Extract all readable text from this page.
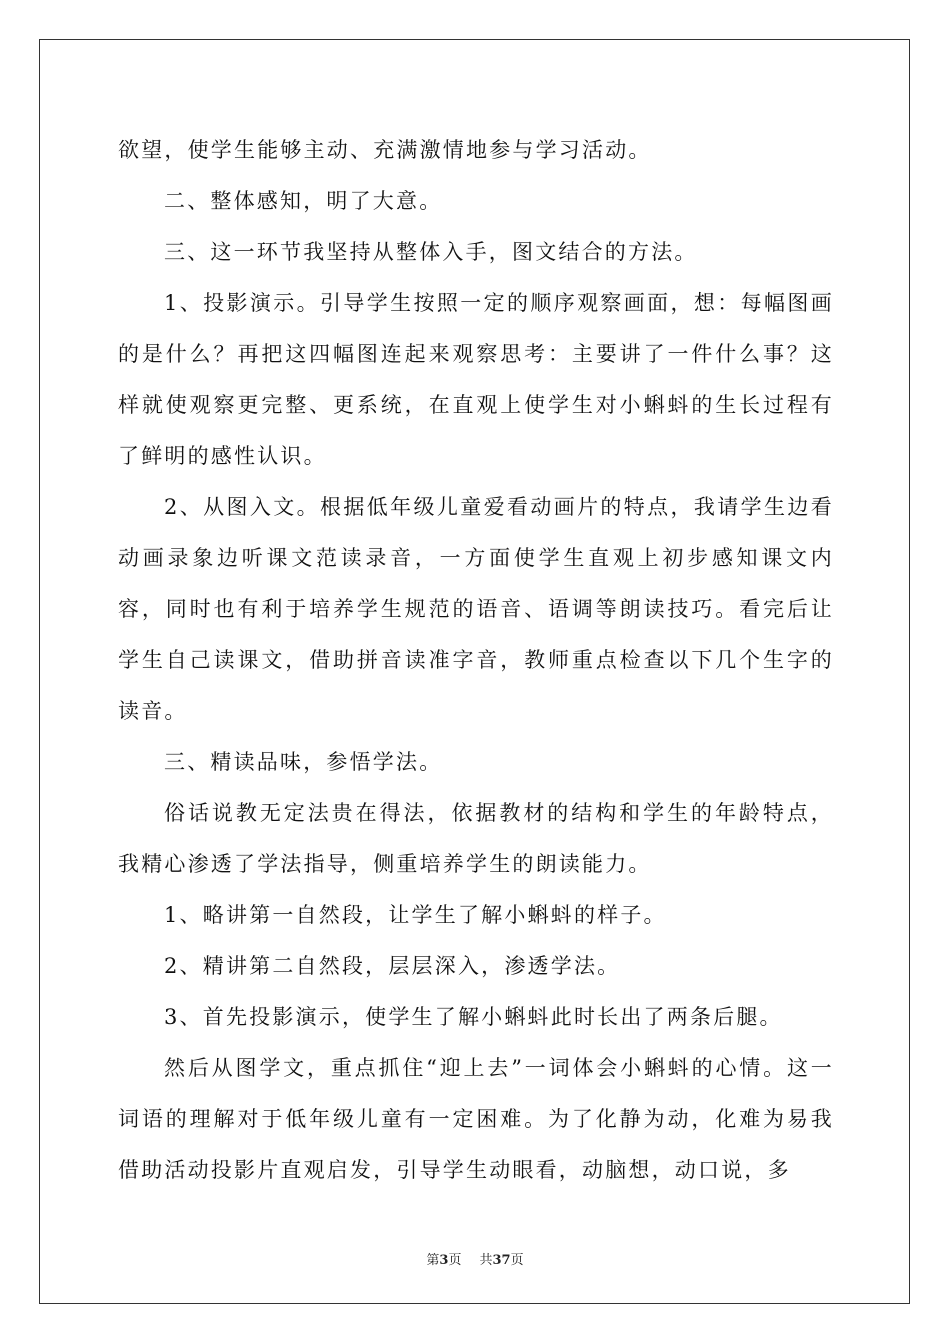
欲望，使学生能够主动、充满激情地参与学习活动。

二、整体感知，明了大意。

三、这一环节我坚持从整体入手，图文结合的方法。

1、投影演示。引导学生按照一定的顺序观察画面，想：每幅图画的是什么？再把这四幅图连起来观察思考：主要讲了一件什么事？这样就使观察更完整、更系统，在直观上使学生对小蝌蚪的生长过程有了鲜明的感性认识。

2、从图入文。根据低年级儿童爱看动画片的特点，我请学生边看动画录象边听课文范读录音，一方面使学生直观上初步感知课文内容，同时也有利于培养学生规范的语音、语调等朗读技巧。看完后让学生自己读课文，借助拼音读准字音，教师重点检查以下几个生字的读音。

三、精读品味，参悟学法。

俗话说教无定法贵在得法，依据教材的结构和学生的年龄特点，我精心渗透了学法指导，侧重培养学生的朗读能力。

1、略讲第一自然段，让学生了解小蝌蚪的样子。

2、精讲第二自然段，层层深入，渗透学法。

3、首先投影演示，使学生了解小蝌蚪此时长出了两条后腿。

然后从图学文，重点抓住“迎上去”一词体会小蝌蚪的心情。这一词语的理解对于低年级儿童有一定困难。为了化静为动，化难为易我借助活动投影片直观启发，引导学生动眼看，动脑想，动口说，多

第3页 共37页
